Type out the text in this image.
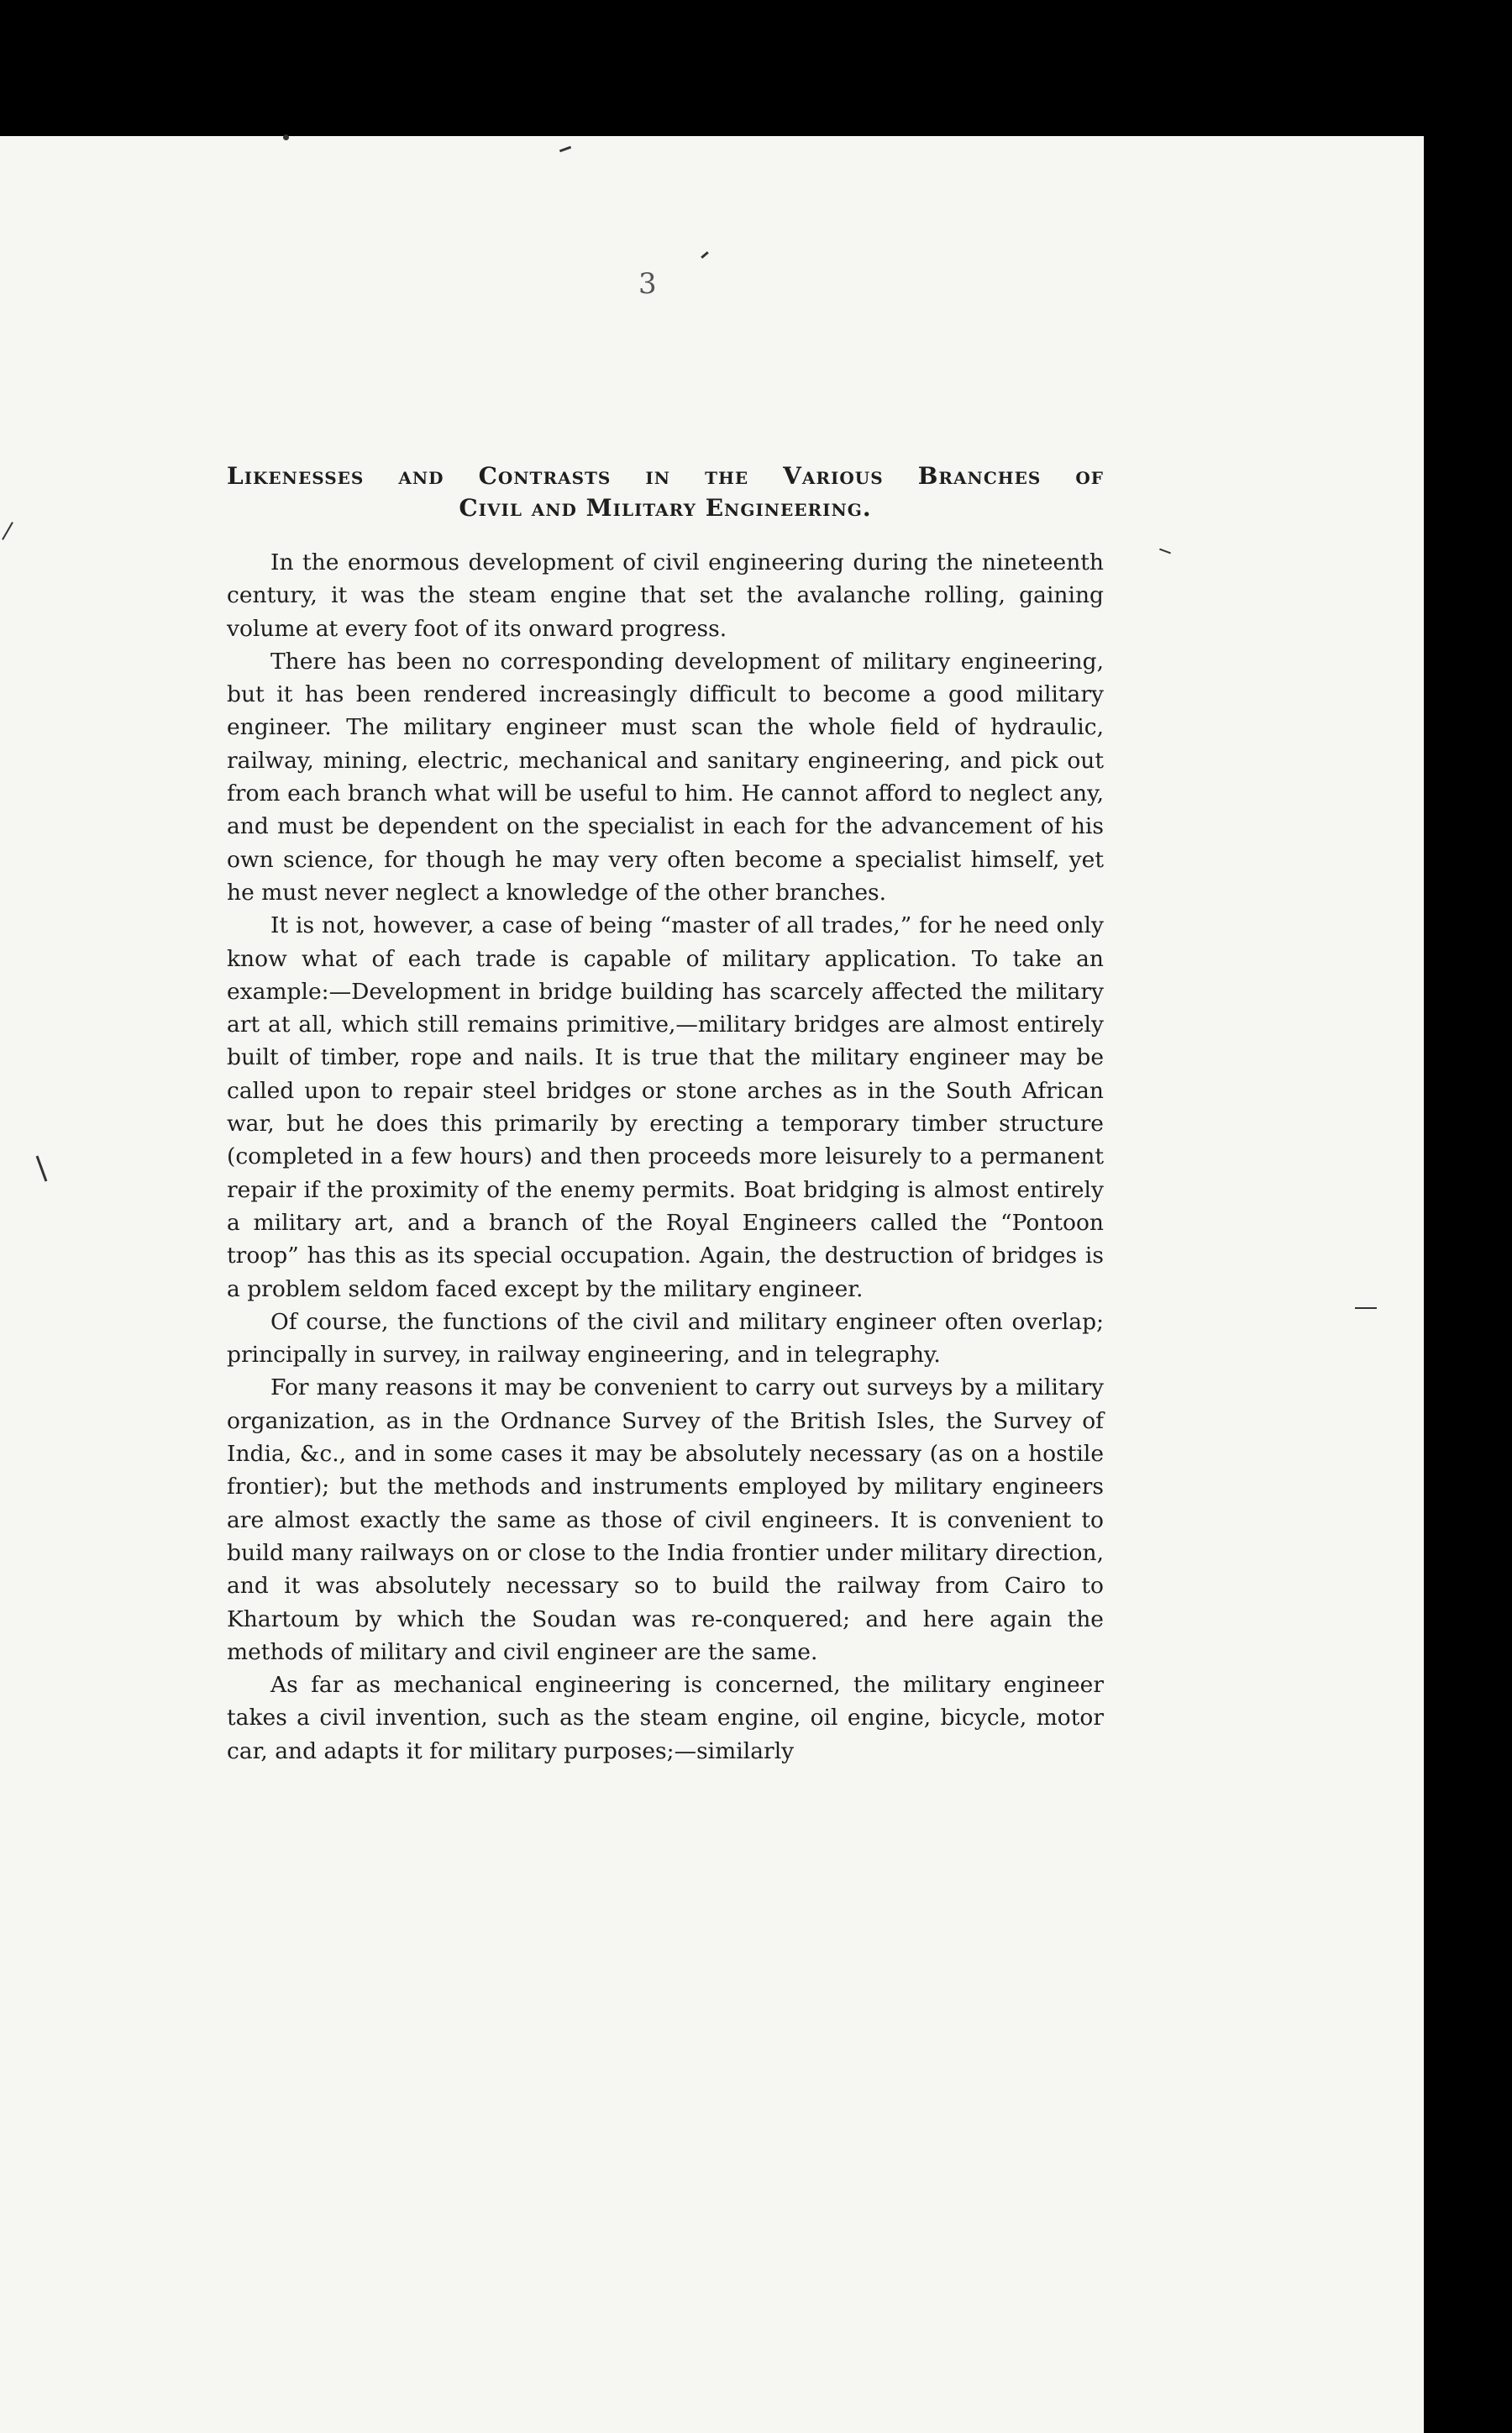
3
Likenesses and Contrasts in the Various Branches of
Civil and Military Engineering.

In the enormous development of civil engineering during the nineteenth century, it was the steam engine that set the avalanche rolling, gaining volume at every foot of its onward progress.

There has been no corresponding development of military engineering, but it has been rendered increasingly difficult to become a good military engineer. The military engineer must scan the whole field of hydraulic, railway, mining, electric, mechanical and sanitary engineering, and pick out from each branch what will be useful to him. He cannot afford to neglect any, and must be dependent on the specialist in each for the advancement of his own science, for though he may very often become a specialist himself, yet he must never neglect a knowledge of the other branches.

It is not, however, a case of being “master of all trades,” for he need only know what of each trade is capable of military application. To take an example:—Development in bridge building has scarcely affected the military art at all, which still remains primitive,—military bridges are almost entirely built of timber, rope and nails. It is true that the military engineer may be called upon to repair steel bridges or stone arches as in the South African war, but he does this primarily by erecting a temporary timber structure (completed in a few hours) and then proceeds more leisurely to a permanent repair if the proximity of the enemy permits. Boat bridging is almost entirely a military art, and a branch of the Royal Engineers called the “Pontoon troop” has this as its special occupation. Again, the destruction of bridges is a problem seldom faced except by the military engineer.

Of course, the functions of the civil and military engineer often overlap; principally in survey, in railway engineering, and in telegraphy.

For many reasons it may be convenient to carry out surveys by a military organization, as in the Ordnance Survey of the British Isles, the Survey of India, &c., and in some cases it may be absolutely necessary (as on a hostile frontier); but the methods and instruments employed by military engineers are almost exactly the same as those of civil engineers. It is convenient to build many railways on or close to the India frontier under military direction, and it was absolutely necessary so to build the railway from Cairo to Khartoum by which the Soudan was re-conquered; and here again the methods of military and civil engineer are the same.

As far as mechanical engineering is concerned, the military engineer takes a civil invention, such as the steam engine, oil engine, bicycle, motor car, and adapts it for military purposes;—similarly
